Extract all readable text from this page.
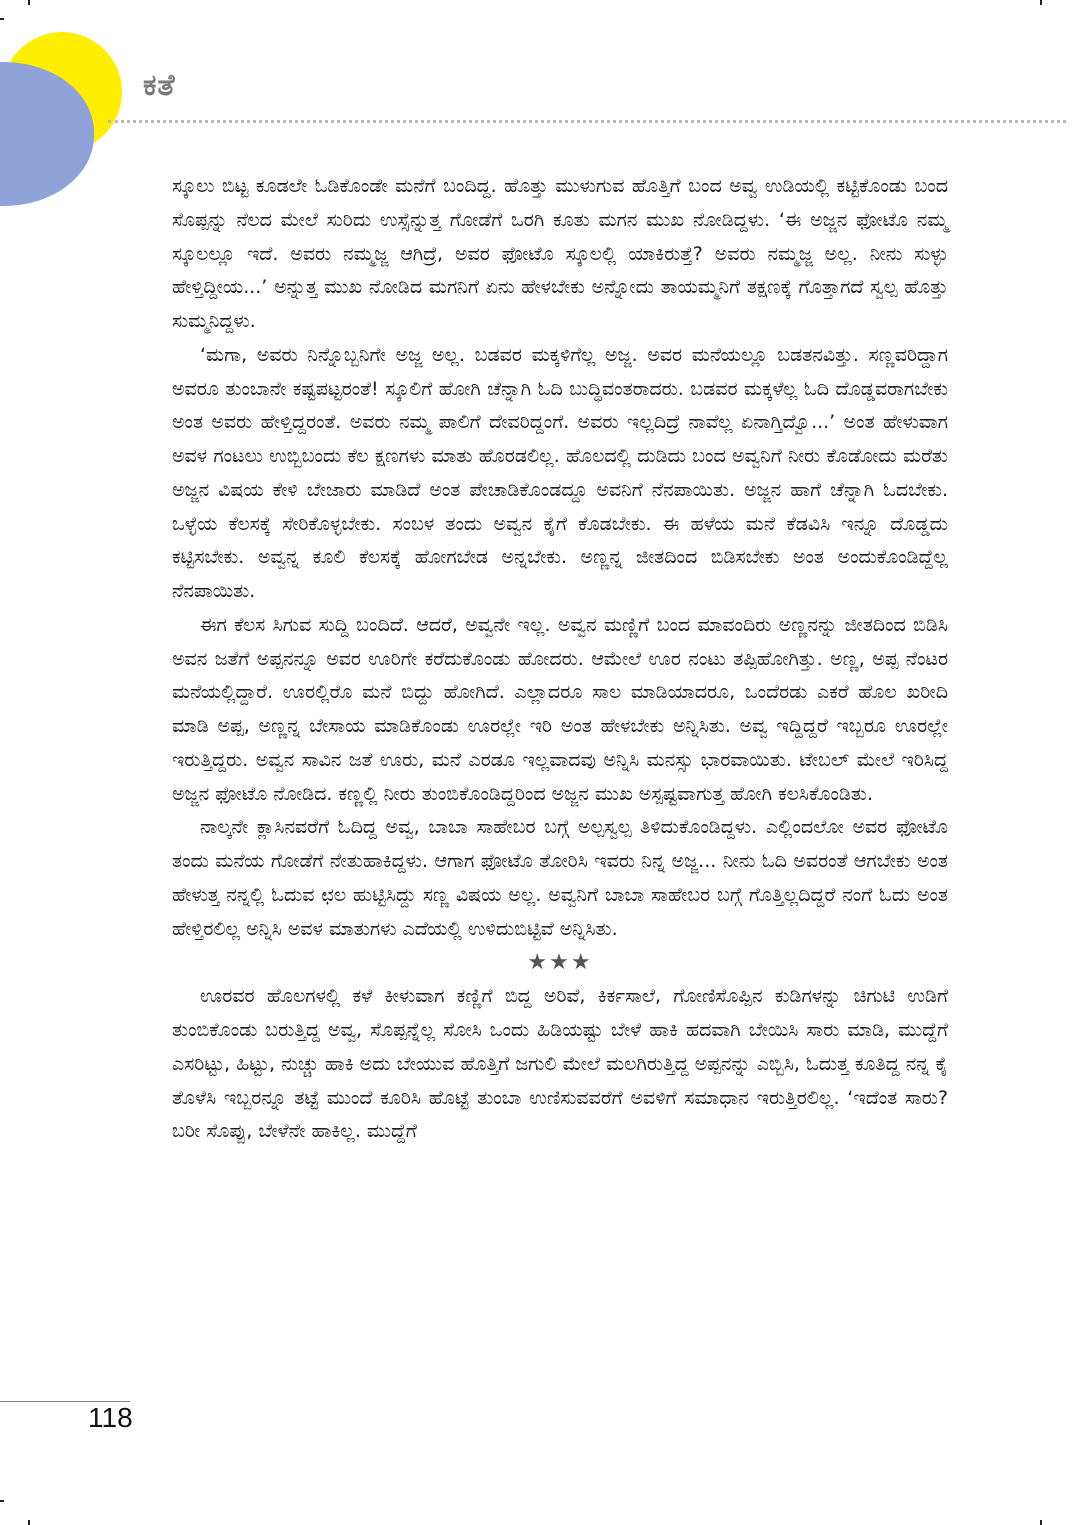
ಕತೆ

ಸ್ಕೂಲು ಬಿಟ್ಟ ಕೂಡಲೇ ಓಡಿಕೊಂಡೇ ಮನೆಗೆ ಬಂದಿದ್ದ. ಹೊತ್ತು ಮುಳುಗುವ ಹೊತ್ತಿಗೆ ಬಂದ ಅವ್ವ ಉಡಿಯಲ್ಲಿ ಕಟ್ಟಿಕೊಂಡು ಬಂದ ಸೊಪ್ಪನ್ನು ನೆಲದ ಮೇಲೆ ಸುರಿದು ಉಸ್ಸೆನ್ನುತ್ತ ಗೋಡೆಗೆ ಒರಗಿ ಕೂತು ಮಗನ ಮುಖ ನೋಡಿದ್ದಳು. ‘ಈ ಅಜ್ಜನ ಫೋಟೊ ನಮ್ಮ ಸ್ಕೂಲಲ್ಲೂ ಇದೆ. ಅವರು ನಮ್ಮಜ್ಜ ಆಗಿದ್ರೆ, ಅವರ ಫೋಟೊ ಸ್ಕೂಲಲ್ಲಿ ಯಾಕಿರುತ್ತೆ? ಅವರು ನಮ್ಮಜ್ಜ ಅಲ್ಲ. ನೀನು ಸುಳ್ಳು ಹೇಳ್ತಿದ್ದೀಯ...’ ಅನ್ನುತ್ತ ಮುಖ ನೋಡಿದ ಮಗನಿಗೆ ಏನು ಹೇಳಬೇಕು ಅನ್ನೋದು ತಾಯಮ್ಮನಿಗೆ ತಕ್ಷಣಕ್ಕೆ ಗೊತ್ತಾಗದೆ ಸ್ವಲ್ಪ ಹೊತ್ತು ಸುಮ್ಮನಿದ್ದಳು.

‘ಮಗಾ, ಅವರು ನಿನ್ನೊಬ್ಬನಿಗೇ ಅಜ್ಜ ಅಲ್ಲ. ಬಡವರ ಮಕ್ಕಳಿಗೆಲ್ಲ ಅಜ್ಜ. ಅವರ ಮನೆಯಲ್ಲೂ ಬಡತನವಿತ್ತು. ಸಣ್ಣವರಿದ್ದಾಗ ಅವರೂ ತುಂಬಾನೇ ಕಷ್ಟಪಟ್ಟರಂತೆ! ಸ್ಕೂಲಿಗೆ ಹೋಗಿ ಚೆನ್ನಾಗಿ ಓದಿ ಬುದ್ಧಿವಂತರಾದರು. ಬಡವರ ಮಕ್ಕಳೆಲ್ಲ ಓದಿ ದೊಡ್ಡವರಾಗಬೇಕು ಅಂತ ಅವರು ಹೇಳ್ತಿದ್ದರಂತೆ. ಅವರು ನಮ್ಮ ಪಾಲಿಗೆ ದೇವರಿದ್ದಂಗೆ. ಅವರು ಇಲ್ಲದಿದ್ರೆ ನಾವೆಲ್ಲ ಏನಾಗ್ತಿದ್ವೊ...’ ಅಂತ ಹೇಳುವಾಗ ಅವಳ ಗಂಟಲು ಉಬ್ಬಿಬಂದು ಕೆಲ ಕ್ಷಣಗಳು ಮಾತು ಹೊರಡಲಿಲ್ಲ. ಹೊಲದಲ್ಲಿ ದುಡಿದು ಬಂದ ಅವ್ವನಿಗೆ ನೀರು ಕೊಡೋದು ಮರೆತು ಅಜ್ಜನ ವಿಷಯ ಕೇಳಿ ಬೇಜಾರು ಮಾಡಿದೆ ಅಂತ ಪೇಚಾಡಿಕೊಂಡದ್ದೂ ಅವನಿಗೆ ನೆನಪಾಯಿತು. ಅಜ್ಜನ ಹಾಗೆ ಚೆನ್ನಾಗಿ ಓದಬೇಕು. ಒಳ್ಳೆಯ ಕೆಲಸಕ್ಕೆ ಸೇರಿಕೊಳ್ಳಬೇಕು. ಸಂಬಳ ತಂದು ಅವ್ವನ ಕೈಗೆ ಕೊಡಬೇಕು. ಈ ಹಳೆಯ ಮನೆ ಕೆಡವಿಸಿ ಇನ್ನೂ ದೊಡ್ಡದು ಕಟ್ಟಿಸಬೇಕು. ಅವ್ವನ್ನ ಕೂಲಿ ಕೆಲಸಕ್ಕೆ ಹೋಗಬೇಡ ಅನ್ನಬೇಕು. ಅಣ್ಣನ್ನ ಜೀತದಿಂದ ಬಿಡಿಸಬೇಕು ಅಂತ ಅಂದುಕೊಂಡಿದ್ದೆಲ್ಲ ನೆನಪಾಯಿತು.

ಈಗ ಕೆಲಸ ಸಿಗುವ ಸುದ್ದಿ ಬಂದಿದೆ. ಆದರೆ, ಅವ್ವನೇ ಇಲ್ಲ. ಅವ್ವನ ಮಣ್ಣಿಗೆ ಬಂದ ಮಾವಂದಿರು ಅಣ್ಣನನ್ನು ಜೀತದಿಂದ ಬಿಡಿಸಿ ಅವನ ಜತೆಗೆ ಅಪ್ಪನನ್ನೂ ಅವರ ಊರಿಗೇ ಕರೆದುಕೊಂಡು ಹೋದರು. ಆಮೇಲೆ ಊರ ನಂಟು ತಪ್ಪಿಹೋಗಿತ್ತು. ಅಣ್ಣ, ಅಪ್ಪ ನೆಂಟರ ಮನೆಯಲ್ಲಿದ್ದಾರೆ. ಊರಲ್ಲಿರೊ ಮನೆ ಬಿದ್ದು ಹೋಗಿದೆ. ಎಲ್ಲಾದರೂ ಸಾಲ ಮಾಡಿಯಾದರೂ, ಒಂದೆರಡು ಎಕರೆ ಹೊಲ ಖರೀದಿ ಮಾಡಿ ಅಪ್ಪ, ಅಣ್ಣನ್ನ ಬೇಸಾಯ ಮಾಡಿಕೊಂಡು ಊರಲ್ಲೇ ಇರಿ ಅಂತ ಹೇಳಬೇಕು ಅನ್ನಿಸಿತು. ಅವ್ವ ಇದ್ದಿದ್ದರೆ ಇಬ್ಬರೂ ಊರಲ್ಲೇ ಇರುತ್ತಿದ್ದರು. ಅವ್ವನ ಸಾವಿನ ಜತೆ ಊರು, ಮನೆ ಎರಡೂ ಇಲ್ಲವಾದವು ಅನ್ನಿಸಿ ಮನಸ್ಸು ಭಾರವಾಯಿತು. ಟೇಬಲ್ ಮೇಲೆ ಇರಿಸಿದ್ದ ಅಜ್ಜನ ಫೋಟೊ ನೋಡಿದ. ಕಣ್ಣಲ್ಲಿ ನೀರು ತುಂಬಿಕೊಂಡಿದ್ದರಿಂದ ಅಜ್ಜನ ಮುಖ ಅಸ್ಪಷ್ಟವಾಗುತ್ತ ಹೋಗಿ ಕಲಸಿಕೊಂಡಿತು.

ನಾಲ್ಕನೇ ಕ್ಲಾಸಿನವರೆಗೆ ಓದಿದ್ದ ಅವ್ವ, ಬಾಬಾ ಸಾಹೇಬರ ಬಗ್ಗೆ ಅಲ್ಪಸ್ವಲ್ಪ ತಿಳಿದುಕೊಂಡಿದ್ದಳು. ಎಲ್ಲಿಂದಲೋ ಅವರ ಫೋಟೊ ತಂದು ಮನೆಯ ಗೋಡೆಗೆ ನೇತುಹಾಕಿದ್ದಳು. ಆಗಾಗ ಫೋಟೊ ತೋರಿಸಿ ಇವರು ನಿನ್ನ ಅಜ್ಜ... ನೀನು ಓದಿ ಅವರಂತೆ ಆಗಬೇಕು ಅಂತ ಹೇಳುತ್ತ ನನ್ನಲ್ಲಿ ಓದುವ ಛಲ ಹುಟ್ಟಿಸಿದ್ದು ಸಣ್ಣ ವಿಷಯ ಅಲ್ಲ. ಅವ್ವನಿಗೆ ಬಾಬಾ ಸಾಹೇಬರ ಬಗ್ಗೆ ಗೊತ್ತಿಲ್ಲದಿದ್ದರೆ ನಂಗೆ ಓದು ಅಂತ ಹೇಳ್ತಿರಲಿಲ್ಲ ಅನ್ನಿಸಿ ಅವಳ ಮಾತುಗಳು ಎದೆಯಲ್ಲಿ ಉಳಿದುಬಿಟ್ಟಿವೆ ಅನ್ನಿಸಿತು.

★★★

ಊರವರ ಹೊಲಗಳಲ್ಲಿ ಕಳೆ ಕೀಳುವಾಗ ಕಣ್ಣಿಗೆ ಬಿದ್ದ ಅರಿವೆ, ಕಿರ್ಕಸಾಲೆ, ಗೋಣಿಸೊಪ್ಪಿನ ಕುಡಿಗಳನ್ನು ಚಿಗುಟಿ ಉಡಿಗೆ ತುಂಬಿಕೊಂಡು ಬರುತ್ತಿದ್ದ ಅವ್ವ, ಸೊಪ್ಪನ್ನೆಲ್ಲ ಸೋಸಿ ಒಂದು ಹಿಡಿಯಷ್ಟು ಬೇಳೆ ಹಾಕಿ ಹದವಾಗಿ ಬೇಯಿಸಿ ಸಾರು ಮಾಡಿ, ಮುದ್ದೆಗೆ ಎಸರಿಟ್ಟು, ಹಿಟ್ಟು, ನುಚ್ಚು ಹಾಕಿ ಅದು ಬೇಯುವ ಹೊತ್ತಿಗೆ ಜಗುಲಿ ಮೇಲೆ ಮಲಗಿರುತ್ತಿದ್ದ ಅಪ್ಪನನ್ನು ಎಬ್ಬಿಸಿ, ಓದುತ್ತ ಕೂತಿದ್ದ ನನ್ನ ಕೈ ತೊಳೆಸಿ ಇಬ್ಬರನ್ನೂ ತಟ್ಟೆ ಮುಂದೆ ಕೂರಿಸಿ ಹೊಟ್ಟೆ ತುಂಬಾ ಉಣಿಸುವವರೆಗೆ ಅವಳಿಗೆ ಸಮಾಧಾನ ಇರುತ್ತಿರಲಿಲ್ಲ. ‘ಇದೆಂತ ಸಾರು? ಬರೀ ಸೊಪ್ಪು, ಬೇಳೆನೇ ಹಾಕಿಲ್ಲ. ಮುದ್ದೆಗೆ

118
